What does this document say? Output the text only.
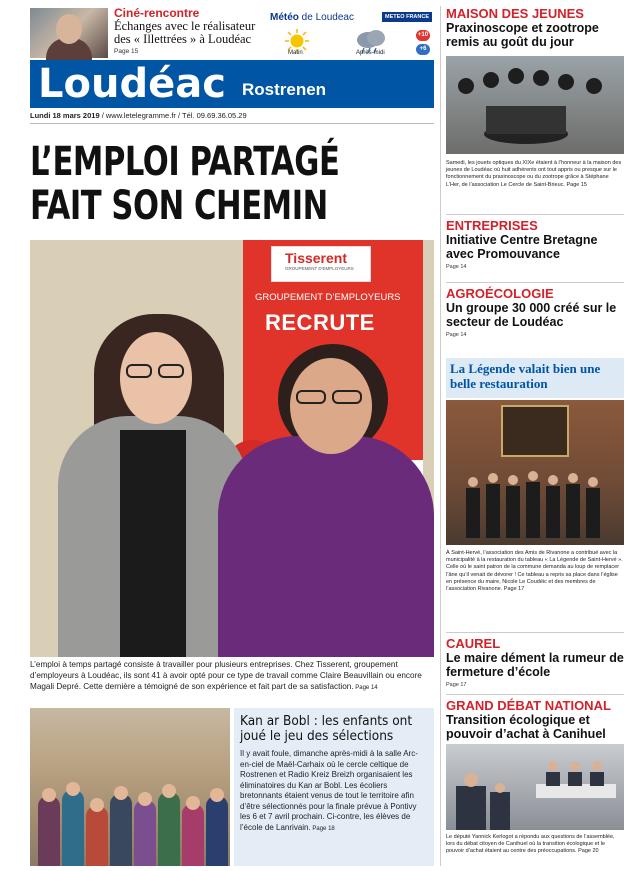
Ciné-rencontre
Échanges avec le réalisateur des « Illettrées » à Loudéac
Page 15
Météo de Loudeac	METEO FRANCE
Matin	Après-midi
+10
+6
Loudéac Rostrenen
Lundi 18 mars 2019 / www.letelegramme.fr / Tél. 09.69.36.05.29
L’EMPLOI PARTAGÉ
FAIT SON CHEMIN
Tisserent
GROUPEMENT D'EMPLOYEURS
GROUPEMENT D’EMPLOYEURS
RECRUTE
L’emploi à temps partagé consiste à travailler pour plusieurs entreprises. Chez Tisserent, groupement d’employeurs à Loudéac, ils sont 41 à avoir opté pour ce type de travail comme Claire Beauvillain ou encore Magali Depré. Cette dernière a témoigné de son expérience et fait part de sa satisfaction. Page 14
Kan ar Bobl : les enfants ont joué le jeu des sélections
Il y avait foule, dimanche après-midi à la salle Arc-en-ciel de Maël-Carhaix où le cercle celtique de Rostrenen et Radio Kreiz Breizh organisaient les éliminatoires du Kan ar Bobl. Les écoliers bretonnants étaient venus de tout le territoire afin d’être sélectionnés pour la finale prévue à Pontivy les 6 et 7 avril prochain. Ci-contre, les élèves de l’école de Lanrivain. Page 18
MAISON DES JEUNES
Praxinoscope et zootrope remis au goût du jour
Samedi, les jouets optiques du XIXe étaient à l’honneur à la maison des jeunes de Loudéac où huit adhérents ont tout appris ou presque sur le fonctionnement du praxinoscope ou du zootrope grâce à Stéphane L’Her, de l’association Le Cercle de Saint-Brieuc. Page 15
ENTREPRISES
Initiative Centre Bretagne avec Promouvance
Page 14
AGROÉCOLOGIE
Un groupe 30 000 créé sur le secteur de Loudéac
Page 14
La Légende valait bien une belle restauration
À Saint-Hervé, l’association des Amis de Rivanone a contribué avec la municipalité à la restauration du tableau « La Légende de Saint-Hervé ». Celle où le saint patron de la commune demanda au loup de remplacer l’âne qu’il venait de dévorer ! Ce tableau a repris sa place dans l’église en présence du maire, Nicole Le Coudéic et des membres de l’association Rivanone. Page 17
CAUREL
Le maire dément la rumeur de fermeture d’école
Page 17
GRAND DÉBAT NATIONAL
Transition écologique et pouvoir d’achat à Canihuel
Le député Yannick Kerlogot a répondu aux questions de l’assemblée, lors du débat citoyen de Canihuel où la transition écologique et le pouvoir d’achat étaient au centre des préoccupations. Page 20
